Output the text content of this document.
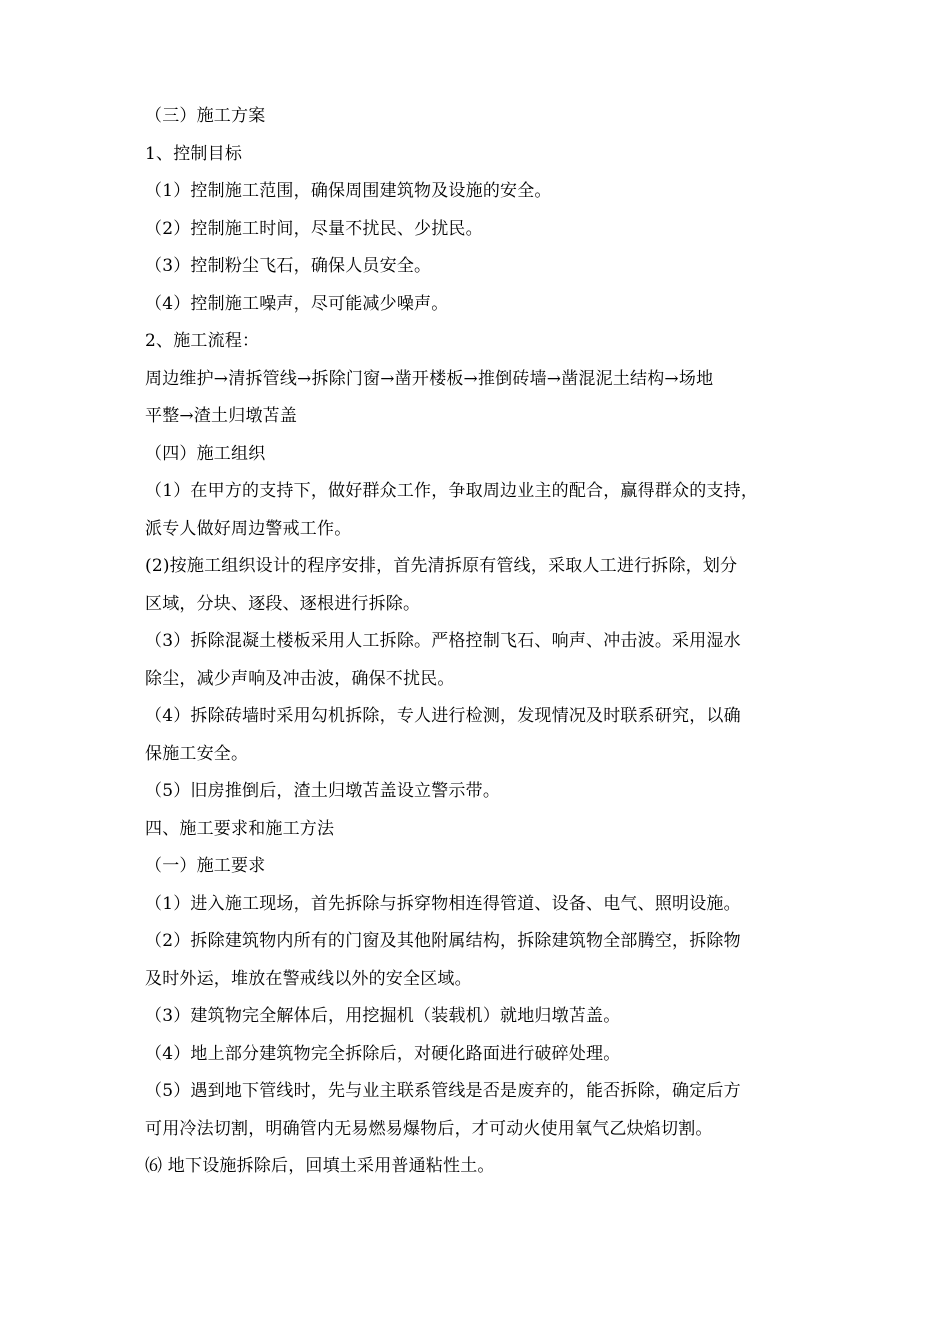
（三）施工方案
1、控制目标
（1）控制施工范围，确保周围建筑物及设施的安全。
（2）控制施工时间，尽量不扰民、少扰民。
（3）控制粉尘飞石，确保人员安全。
（4）控制施工噪声，尽可能减少噪声。
2、施工流程：
周边维护→清拆管线→拆除门窗→凿开楼板→推倒砖墙→凿混泥土结构→场地
平整→渣土归墩苫盖
（四）施工组织
（1）在甲方的支持下，做好群众工作，争取周边业主的配合，赢得群众的支持，
派专人做好周边警戒工作。
(2)按施工组织设计的程序安排，首先清拆原有管线，采取人工进行拆除，划分
区域，分块、逐段、逐根进行拆除。
（3）拆除混凝土楼板采用人工拆除。严格控制飞石、响声、冲击波。采用湿水
除尘，减少声响及冲击波，确保不扰民。
（4）拆除砖墙时采用勾机拆除，专人进行检测，发现情况及时联系研究，以确
保施工安全。
（5）旧房推倒后，渣土归墩苫盖设立警示带。
四、施工要求和施工方法
（一）施工要求
（1）进入施工现场，首先拆除与拆穿物相连得管道、设备、电气、照明设施。
（2）拆除建筑物内所有的门窗及其他附属结构，拆除建筑物全部腾空，拆除物
及时外运，堆放在警戒线以外的安全区域。
（3）建筑物完全解体后，用挖掘机（装载机）就地归墩苫盖。
（4）地上部分建筑物完全拆除后，对硬化路面进行破碎处理。
（5）遇到地下管线时，先与业主联系管线是否是废弃的，能否拆除，确定后方
可用冷法切割，明确管内无易燃易爆物后，才可动火使用氧气乙炔焰切割。
⑹ 地下设施拆除后，回填土采用普通粘性土。
